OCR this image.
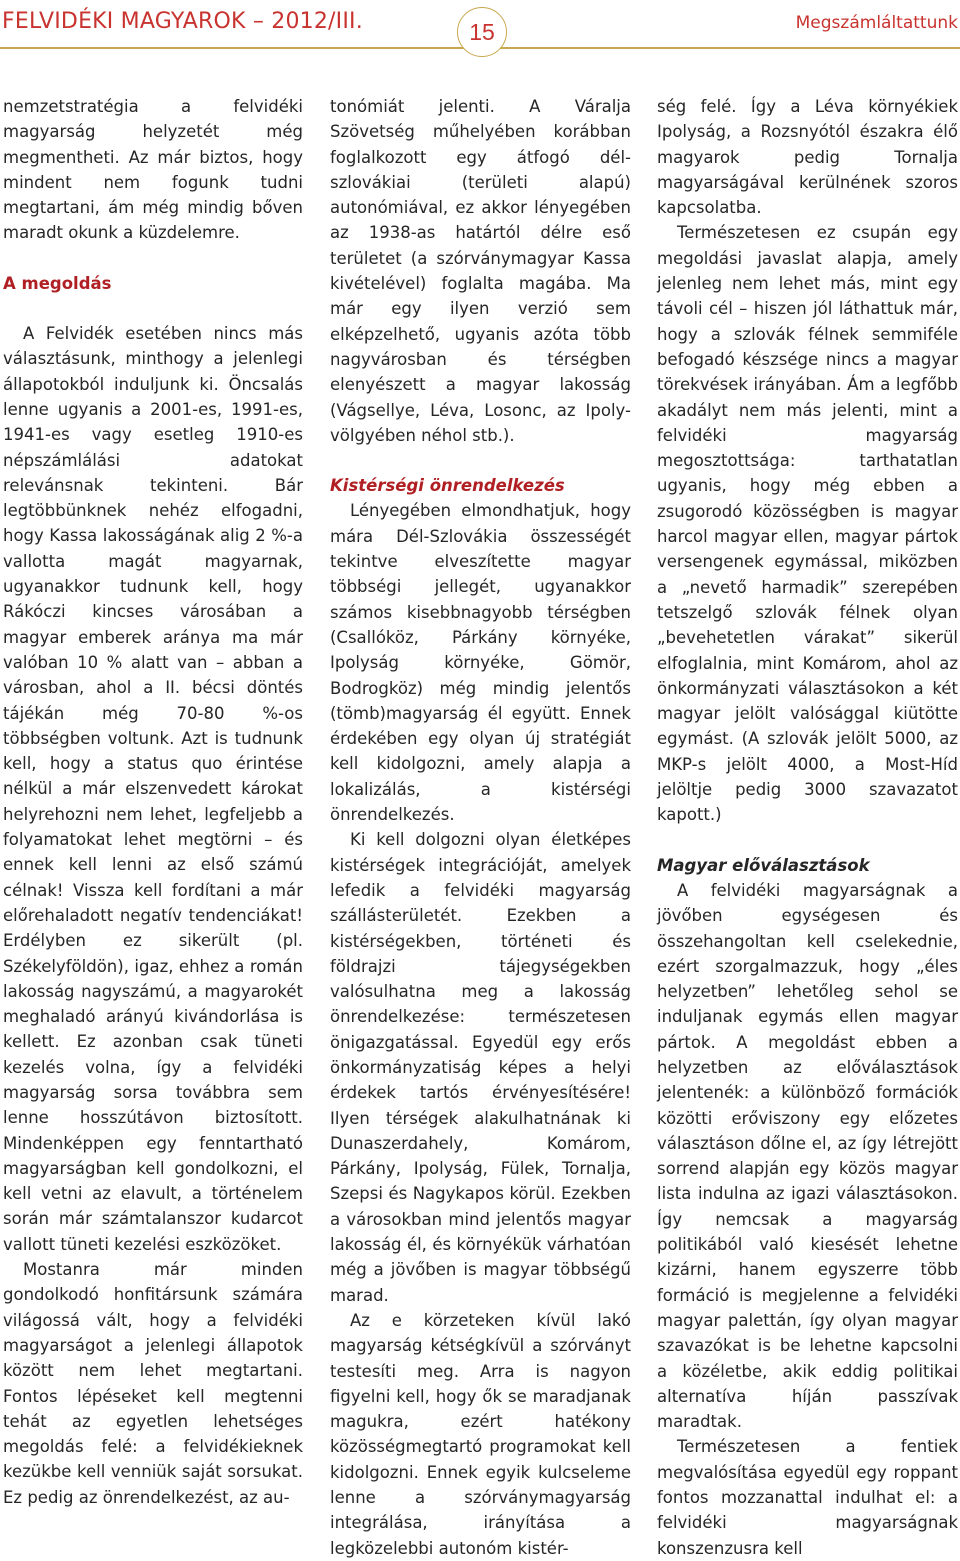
FELVIDÉKI MAGYAROK – 2012/III.	15	Megszámláltattunk

nemzetstratégia a felvidéki magyarság helyzetét még megmentheti. Az már biztos, hogy mindent nem fogunk tudni megtartani, ám még mindig bőven maradt okunk a küzdelemre.

A megoldás

A Felvidék esetében nincs más választásunk, minthogy a jelenlegi állapotokból induljunk ki. Öncsalás lenne ugyanis a 2001-es, 1991-es, 1941-es vagy esetleg 1910-es népszámlálási adatokat relevánsnak tekinteni. Bár legtöbbünknek nehéz elfogadni, hogy Kassa lakosságának alig 2 %-a vallotta magát magyarnak, ugyanakkor tudnunk kell, hogy Rákóczi kincses városában a magyar emberek aránya ma már valóban 10 % alatt van – abban a városban, ahol a II. bécsi döntés tájékán még 70-80 %-os többségben voltunk. Azt is tudnunk kell, hogy a status quo érintése nélkül a már elszenvedett károkat helyrehozni nem lehet, legfeljebb a folyamatokat lehet megtörni – és ennek kell lenni az első számú célnak! Vissza kell fordítani a már előrehaladott negatív tendenciákat! Erdélyben ez sikerült (pl. Székelyföldön), igaz, ehhez a román lakosság nagyszámú, a magyarokét meghaladó arányú kivándorlása is kellett. Ez azonban csak tüneti kezelés volna, így a felvidéki magyarság sorsa továbbra sem lenne hosszútávon biztosított. Mindenképpen egy fenntartható magyarságban kell gondolkozni, el kell vetni az elavult, a történelem során már számtalanszor kudarcot vallott tüneti kezelési eszközöket.

Mostanra már minden gondolkodó honfitársunk számára világossá vált, hogy a felvidéki magyarságot a jelenlegi állapotok között nem lehet megtartani. Fontos lépéseket kell megtenni tehát az egyetlen lehetséges megoldás felé: a felvidékieknek kezükbe kell venniük saját sorsukat. Ez pedig az önrendelkezést, az au-

tonómiát jelenti. A Váralja Szövetség műhelyében korábban foglalkozott egy átfogó dél-szlovákiai (területi alapú) autonómiával, ez akkor lényegében az 1938-as határtól délre eső területet (a szórványmagyar Kassa kivételével) foglalta magába. Ma már egy ilyen verzió sem elképzelhető, ugyanis azóta több nagyvárosban és térségben elenyészett a magyar lakosság (Vágsellye, Léva, Losonc, az Ipoly-völgyében néhol stb.).

Kistérségi önrendelkezés

Lényegében elmondhatjuk, hogy mára Dél-Szlovákia összességét tekintve elveszítette magyar többségi jellegét, ugyanakkor számos kisebbnagyobb térségben (Csallóköz, Párkány környéke, Ipolyság környéke, Gömör, Bodrogköz) még mindig jelentős (tömb)magyarság él együtt. Ennek érdekében egy olyan új stratégiát kell kidolgozni, amely alapja a lokalizálás, a kistérségi önrendelkezés.

Ki kell dolgozni olyan életképes kistérségek integrációját, amelyek lefedik a felvidéki magyarság szállásterületét. Ezekben a kistérségekben, történeti és földrajzi tájegységekben valósulhatna meg a lakosság önrendelkezése: természetesen önigazgatással. Egyedül egy erős önkormányzatiság képes a helyi érdekek tartós érvényesítésére! Ilyen térségek alakulhatnának ki Dunaszerdahely, Komárom, Párkány, Ipolyság, Fülek, Tornalja, Szepsi és Nagykapos körül. Ezekben a városokban mind jelentős magyar lakosság él, és környékük várhatóan még a jövőben is magyar többségű marad.

Az e körzeteken kívül lakó magyarság kétségkívül a szórványt testesíti meg. Arra is nagyon figyelni kell, hogy ők se maradjanak magukra, ezért hatékony közösségmegtartó programokat kell kidolgozni. Ennek egyik kulcseleme lenne a szórványmagyarság integrálása, irányítása a legközelebbi autonóm kistér-

ség felé. Így a Léva környékiek Ipolyság, a Rozsnyótól északra élő magyarok pedig Tornalja magyarságával kerülnének szoros kapcsolatba.

Természetesen ez csupán egy megoldási javaslat alapja, amely jelenleg nem lehet más, mint egy távoli cél – hiszen jól láthattuk már, hogy a szlovák félnek semmiféle befogadó készsége nincs a magyar törekvések irányában. Ám a legfőbb akadályt nem más jelenti, mint a felvidéki magyarság megosztottsága: tarthatatlan ugyanis, hogy még ebben a zsugorodó közösségben is magyar harcol magyar ellen, magyar pártok versengenek egymással, miközben a „nevető harmadik” szerepében tetszelgő szlovák félnek olyan „bevehetetlen várakat” sikerül elfoglalnia, mint Komárom, ahol az önkormányzati választásokon a két magyar jelölt valósággal kiütötte egymást. (A szlovák jelölt 5000, az MKP-s jelölt 4000, a Most-Híd jelöltje pedig 3000 szavazatot kapott.)

Magyar előválasztások

A felvidéki magyarságnak a jövőben egységesen és összehangoltan kell cselekednie, ezért szorgalmazzuk, hogy „éles helyzetben” lehetőleg sehol se induljanak egymás ellen magyar pártok. A megoldást ebben a helyzetben az előválasztások jelentenék: a különböző formációk közötti erőviszony egy előzetes választáson dőlne el, az így létrejött sorrend alapján egy közös magyar lista indulna az igazi választásokon. Így nemcsak a magyarság politikából való kiesését lehetne kizárni, hanem egyszerre több formáció is megjelenne a felvidéki magyar palettán, így olyan magyar szavazókat is be lehetne kapcsolni a közéletbe, akik eddig politikai alternatíva híján passzívak maradtak.

Természetesen a fentiek megvalósítása egyedül egy roppant fontos mozzanattal indulhat el: a felvidéki magyarságnak konszenzusra kell
